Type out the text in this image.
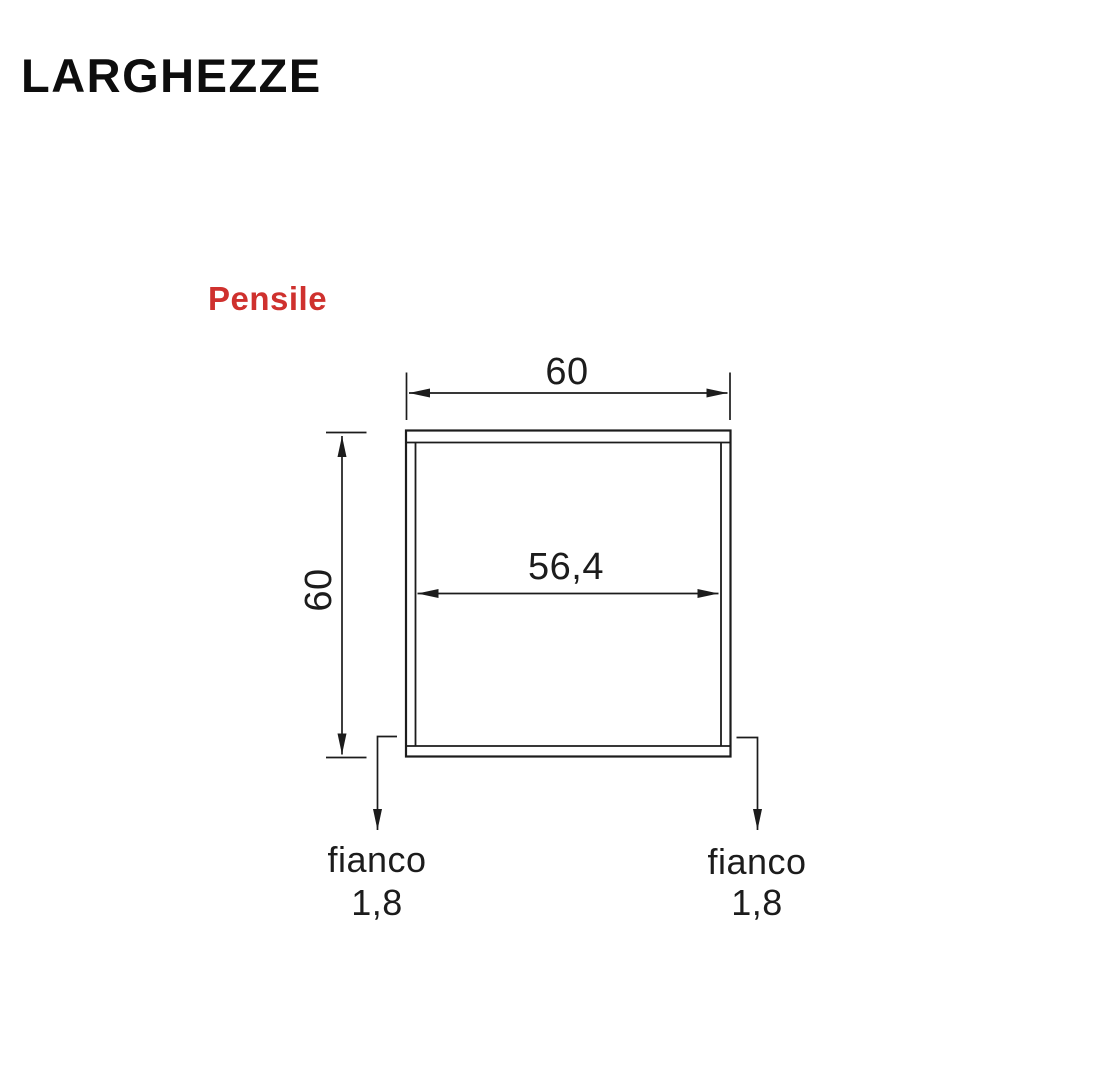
LARGHEZZE
Pensile
60
60
56,4
fianco
1,8
fianco
1,8
